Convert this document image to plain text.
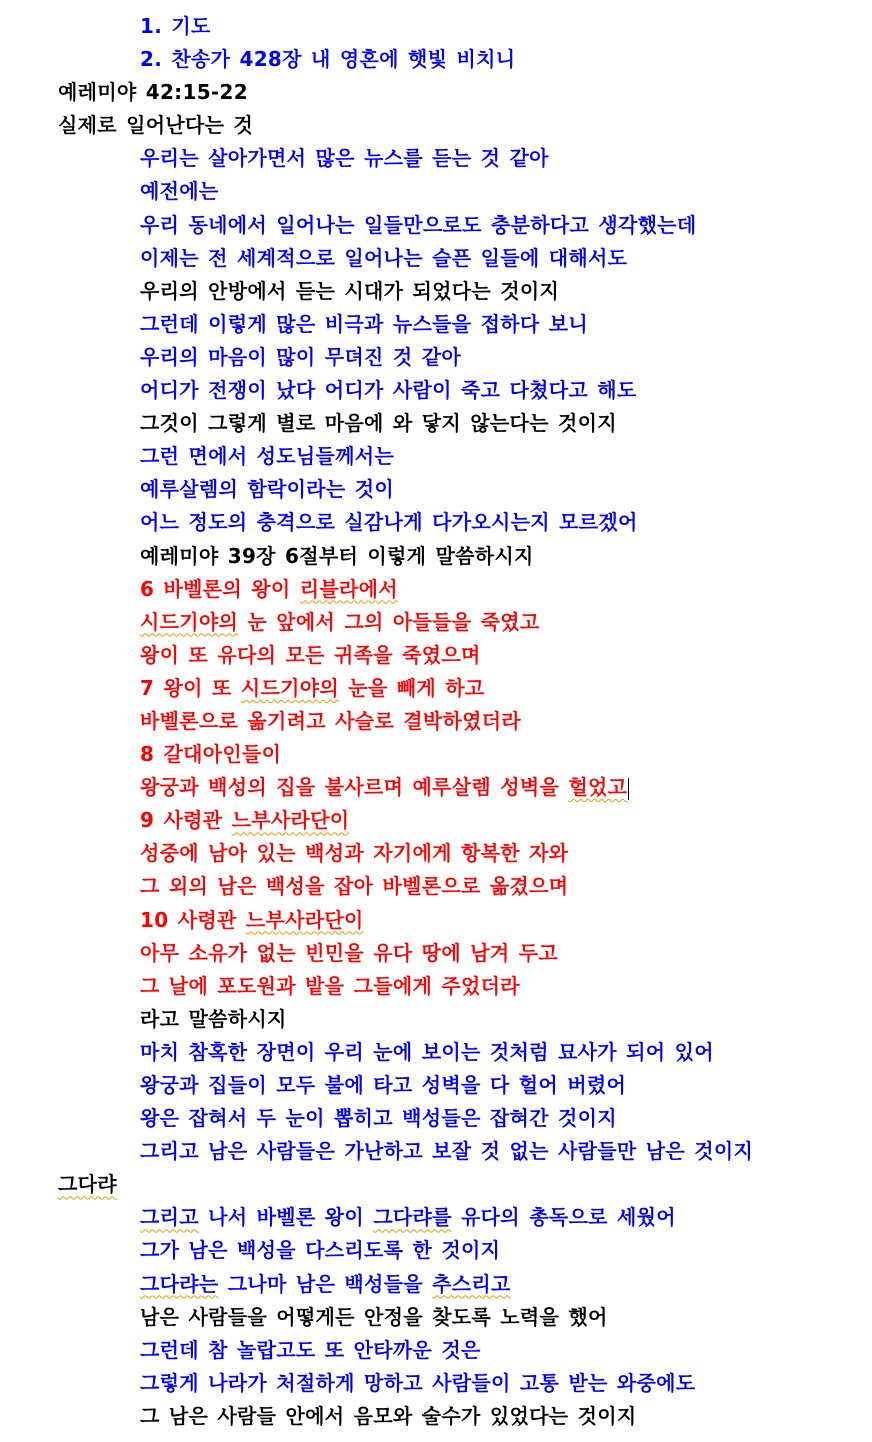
1. 기도
2. 찬송가 428장 내 영혼에 햇빛 비치니
예레미야 42:15-22
실제로 일어난다는 것
우리는 살아가면서 많은 뉴스를 듣는 것 같아
예전에는
우리 동네에서 일어나는 일들만으로도 충분하다고 생각했는데
이제는 전 세계적으로 일어나는 슬픈 일들에 대해서도
우리의 안방에서 듣는 시대가 되었다는 것이지
그런데 이렇게 많은 비극과 뉴스들을 접하다 보니
우리의 마음이 많이 무뎌진 것 같아
어디가 전쟁이 났다 어디가 사람이 죽고 다쳤다고 해도
그것이 그렇게 별로 마음에 와 닿지 않는다는 것이지
그런 면에서 성도님들께서는
예루살렘의 함락이라는 것이
어느 정도의 충격으로 실감나게 다가오시는지 모르겠어
예레미야 39장 6절부터 이렇게 말씀하시지
6 바벨론의 왕이 리블라에서
시드기야의 눈 앞에서 그의 아들들을 죽였고
왕이 또 유다의 모든 귀족을 죽였으며
7 왕이 또 시드기야의 눈을 빼게 하고
바벨론으로 옮기려고 사슬로 결박하였더라
8 갈대아인들이
왕궁과 백성의 집을 불사르며 예루살렘 성벽을 헐었고
9 사령관 느부사라단이
성중에 남아 있는 백성과 자기에게 항복한 자와
그 외의 남은 백성을 잡아 바벨론으로 옮겼으며
10 사령관 느부사라단이
아무 소유가 없는 빈민을 유다 땅에 남겨 두고
그 날에 포도원과 밭을 그들에게 주었더라
라고 말씀하시지
마치 참혹한 장면이 우리 눈에 보이는 것처럼 묘사가 되어 있어
왕궁과 집들이 모두 불에 타고 성벽을 다 헐어 버렸어
왕은 잡혀서 두 눈이 뽑히고 백성들은 잡혀간 것이지
그리고 남은 사람들은 가난하고 보잘 것 없는 사람들만 남은 것이지
그다랴
그리고 나서 바벨론 왕이 그다랴를 유다의 총독으로 세웠어
그가 남은 백성을 다스리도록 한 것이지
그다랴는 그나마 남은 백성들을 추스리고
남은 사람들을 어떻게든 안정을 찾도록 노력을 했어
그런데 참 놀랍고도 또 안타까운 것은
그렇게 나라가 처절하게 망하고 사람들이 고통 받는 와중에도
그 남은 사람들 안에서 음모와 술수가 있었다는 것이지
